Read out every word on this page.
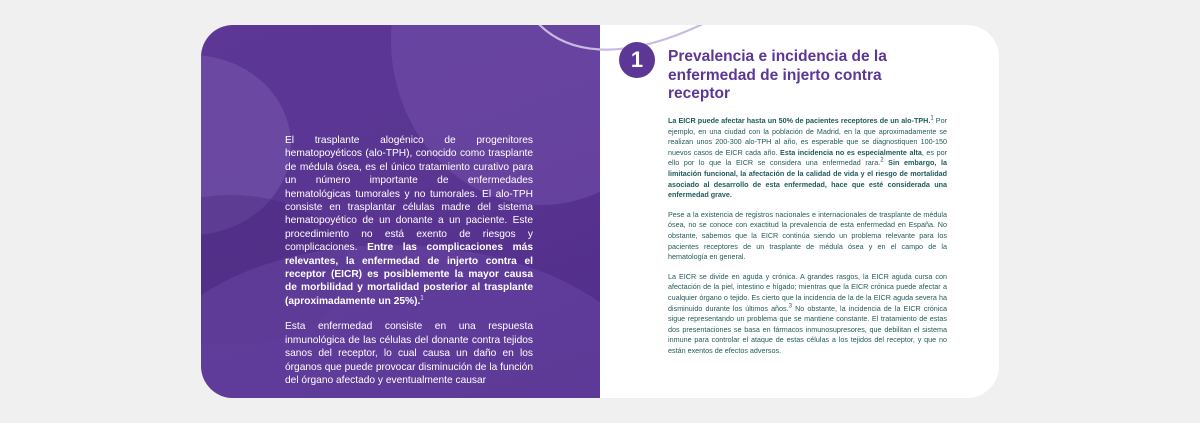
El trasplante alogénico de progenitores hematopoyéticos (alo-TPH), conocido como trasplante de médula ósea, es el único tratamiento curativo para un número importante de enfermedades hematológicas tumorales y no tumorales. El alo-TPH consiste en trasplantar células madre del sistema hematopoyético de un donante a un paciente. Este procedimiento no está exento de riesgos y complicaciones. Entre las complicaciones más relevantes, la enfermedad de injerto contra el receptor (EICR) es posiblemente la mayor causa de morbilidad y mortalidad posterior al trasplante (aproximadamente un 25%).$^1$

Esta enfermedad consiste en una respuesta inmunológica de las células del donante contra tejidos sanos del receptor, lo cual causa un daño en los órganos que puede provocar disminución de la función del órgano afectado y eventualmente causar

1	Prevalencia e incidencia de la enfermedad de injerto contra receptor

La EICR puede afectar hasta un 50% de pacientes receptores de un alo-TPH.$^1$ Por ejemplo, en una ciudad con la población de Madrid, en la que aproximadamente se realizan unos 200-300 alo-TPH al año, es esperable que se diagnostiquen 100-150 nuevos casos de EICR cada año. Esta incidencia no es especialmente alta, es por ello por lo que la EICR se considera una enfermedad rara.$^2$ Sin embargo, la limitación funcional, la afectación de la calidad de vida y el riesgo de mortalidad asociado al desarrollo de esta enfermedad, hace que esté considerada una enfermedad grave.

Pese a la existencia de registros nacionales e internacionales de trasplante de médula ósea, no se conoce con exactitud la prevalencia de esta enfermedad en España. No obstante, sabemos que la EICR continúa siendo un problema relevante para los pacientes receptores de un trasplante de médula ósea y en el campo de la hematología en general.

La EICR se divide en aguda y crónica. A grandes rasgos, la EICR aguda cursa con afectación de la piel, intestino e hígado; mientras que la EICR crónica puede afectar a cualquier órgano o tejido. Es cierto que la incidencia de la de la EICR aguda severa ha disminuido durante los últimos años.$^3$ No obstante, la incidencia de la EICR crónica sigue representando un problema que se mantiene constante. El tratamiento de estas dos presentaciones se basa en fármacos inmunosupresores, que debilitan el sistema inmune para controlar el ataque de estas células a los tejidos del receptor, y que no están exentos de efectos adversos.
